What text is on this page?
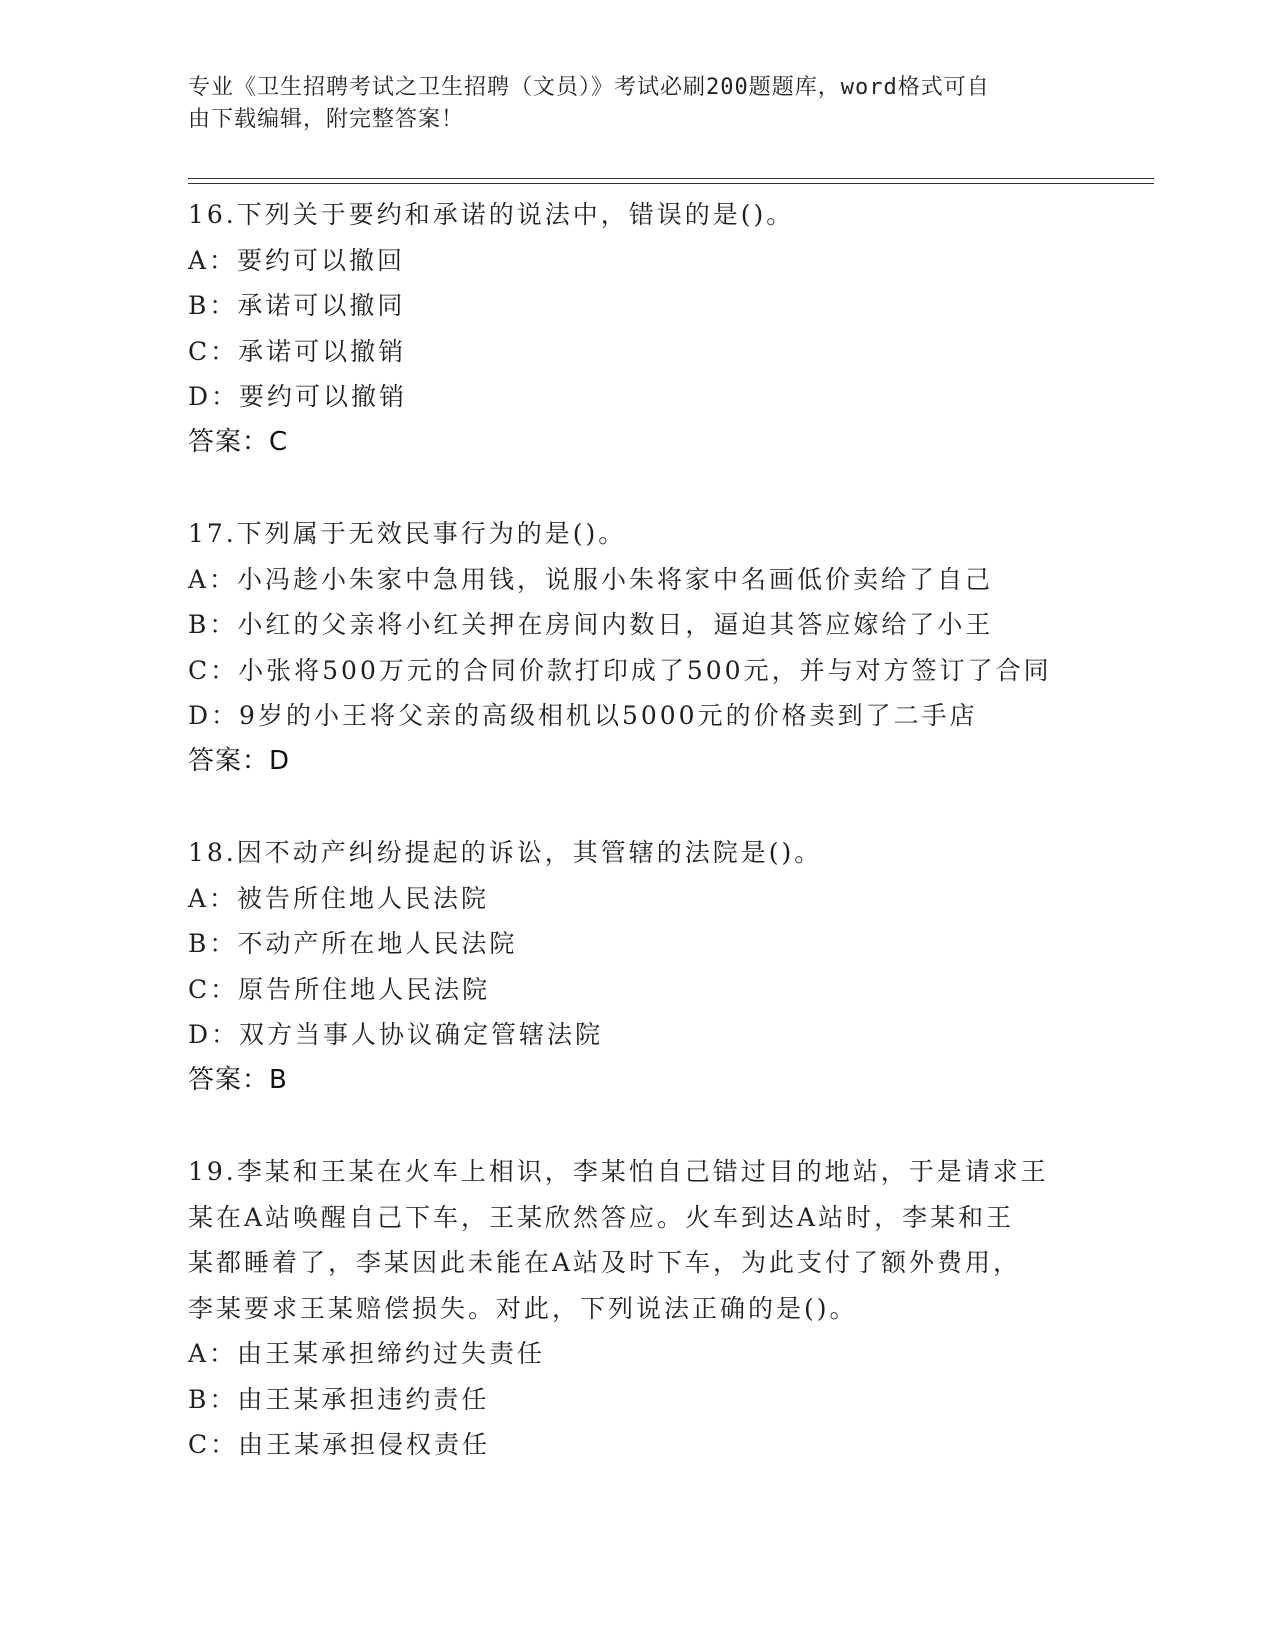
专业《卫生招聘考试之卫生招聘（文员）》考试必刷200题题库，word格式可自
由下载编辑，附完整答案！
16.下列关于要约和承诺的说法中，错误的是()。
A：要约可以撤回
B：承诺可以撤同
C：承诺可以撤销
D：要约可以撤销
答案：C
17.下列属于无效民事行为的是()。
A：小冯趁小朱家中急用钱，说服小朱将家中名画低价卖给了自己
B：小红的父亲将小红关押在房间内数日，逼迫其答应嫁给了小王
C：小张将500万元的合同价款打印成了500元，并与对方签订了合同
D：9岁的小王将父亲的高级相机以5000元的价格卖到了二手店
答案：D
18.因不动产纠纷提起的诉讼，其管辖的法院是()。
A：被告所住地人民法院
B：不动产所在地人民法院
C：原告所住地人民法院
D：双方当事人协议确定管辖法院
答案：B
19.李某和王某在火车上相识，李某怕自己错过目的地站，于是请求王
某在A站唤醒自己下车，王某欣然答应。火车到达A站时，李某和王
某都睡着了，李某因此未能在A站及时下车，为此支付了额外费用，
李某要求王某赔偿损失。对此，下列说法正确的是()。
A：由王某承担缔约过失责任
B：由王某承担违约责任
C：由王某承担侵权责任
